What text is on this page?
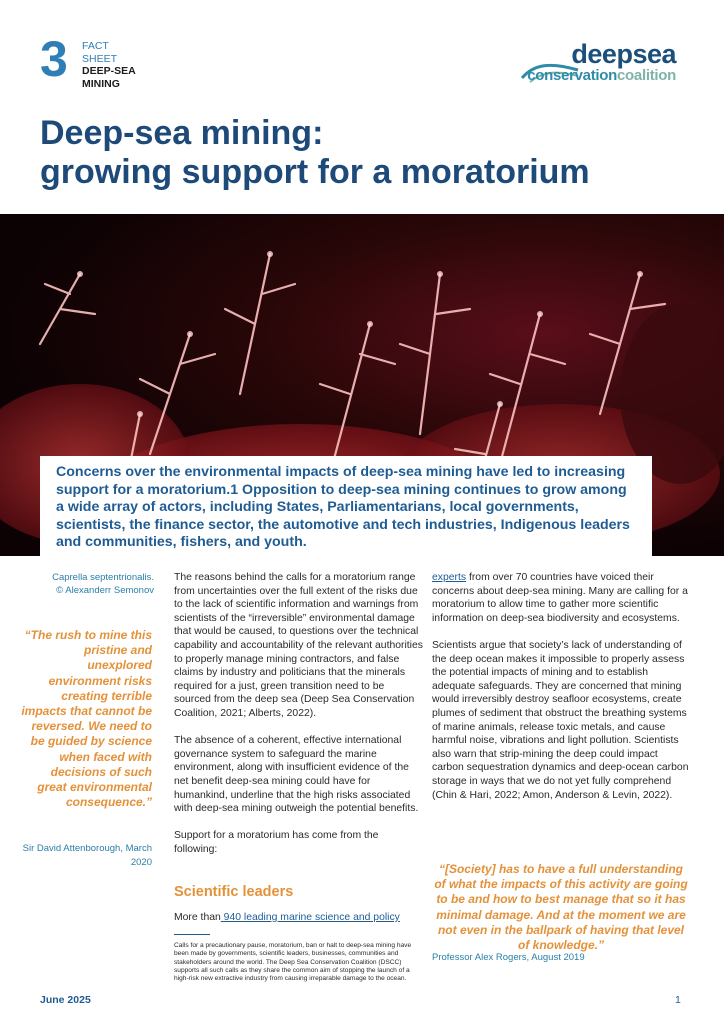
3 FACT
SHEET
DEEP-SEA
MINING
deepsea
conservationcoalition
Deep-sea mining:
growing support for a moratorium

Concerns over the environmental impacts of deep-sea mining have led to increasing support for a moratorium.1 Opposition to deep-sea mining continues to grow among a wide array of actors, including States, Parliamentarians, local governments, scientists, the finance sector, the automotive and tech industries, Indigenous leaders and communities, fishers, and youth.

Caprella septentrionalis.
© Alexanderr Semonov
“The rush to mine this pristine and unexplored environment risks creating terrible impacts that cannot be reversed. We need to be guided by science when faced with decisions of such great environmental consequence.”
Sir David Attenborough, March 2020

The reasons behind the calls for a moratorium range from uncertainties over the full extent of the risks due to the lack of scientific information and warnings from scientists of the “irreversible” environmental damage that would be caused, to questions over the technical capability and accountability of the relevant authorities to properly manage mining contractors, and false claims by industry and politicians that the minerals required for a just, green transition need to be sourced from the deep sea (Deep Sea Conservation Coalition, 2021; Alberts, 2022).

The absence of a coherent, effective international governance system to safeguard the marine environment, along with insufficient evidence of the net benefit deep-sea mining could have for humankind, underline that the high risks associated with deep-sea mining outweigh the potential benefits.

Support for a moratorium has come from the following:

Scientific leaders
More than 940 leading marine science and policy
Calls for a precautionary pause, moratorium, ban or halt to deep-sea mining have been made by governments, scientific leaders, businesses, communities and stakeholders around the world. The Deep Sea Conservation Coalition (DSCC) supports all such calls as they share the common aim of stopping the launch of a high-risk new extractive industry from causing irreparable damage to the ocean.

experts from over 70 countries have voiced their concerns about deep-sea mining. Many are calling for a moratorium to allow time to gather more scientific information on deep-sea biodiversity and ecosystems.

Scientists argue that society’s lack of understanding of the deep ocean makes it impossible to properly assess the potential impacts of mining and to establish adequate safeguards. They are concerned that mining would irreversibly destroy seafloor ecosystems, create plumes of sediment that obstruct the breathing systems of marine animals, release toxic metals, and cause harmful noise, vibrations and light pollution. Scientists also warn that strip-mining the deep could impact carbon sequestration dynamics and deep-ocean carbon storage in ways that we do not yet fully comprehend (Chin & Hari, 2022; Amon, Anderson & Levin, 2022).

“[Society] has to have a full understanding of what the impacts of this activity are going to be and how to best manage that so it has minimal damage. And at the moment we are not even in the ballpark of having that level of knowledge.”
Professor Alex Rogers, August 2019
June 2025	1
